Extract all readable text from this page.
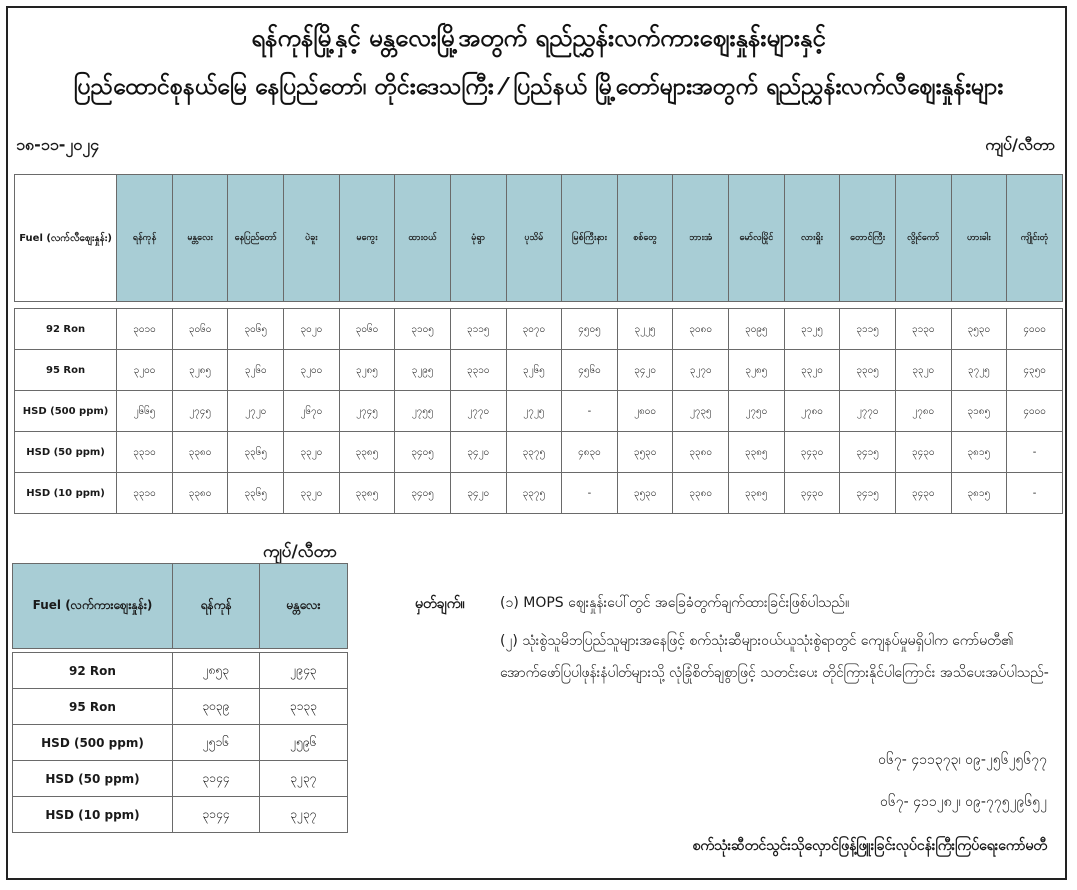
ရန်ကုန်မြို့နှင့် မန္တလေးမြို့အတွက် ရည်ညွှန်းလက်ကားဈေးနှုန်းများနှင့်
ပြည်ထောင်စုနယ်မြေ နေပြည်တော်၊ တိုင်းဒေသကြီး ⁄ ပြည်နယ် မြို့တော်များအတွက် ရည်ညွှန်းလက်လီဈေးနှုန်းများ
၁၈-၁၁-၂၀၂၄	ကျပ်/လီတာ
Fuel (လက်လီဈေးနှုန်း)	ရန်ကုန်	မန္တလေး	နေပြည်တော်	ပဲခူး	မကွေး	ထားဝယ်	မုံရွာ	ပုသိမ်	မြစ်ကြီးနား	စစ်တွေ	ဘားအံ	မော်လမြိုင်	လားရှိုး	တောင်ကြီး	လွိုင်ကော်	ဟားခါး	ကျိုင်းတုံ

92 Ron	၃၀၁၀	၃၀၆၀	၃၀၆၅	၃၀၂၀	၃၀၆၀	၃၁၀၅	၃၁၁၅	၃၀၇၀	၄၅၀၅	၃၂၂၅	၃၀၈၀	၃၀၉၅	၃၁၂၅	၃၁၁၅	၃၁၃၀	၃၅၃၀	၄၀၀၀
95 Ron	၃၂၀၀	၃၂၈၅	၃၂၆၀	၃၂၀၀	၃၂၈၅	၃၂၉၅	၃၃၁၀	၃၂၆၅	၄၅၆၀	၃၄၂၀	၃၂၇၀	၃၂၈၅	၃၃၂၀	၃၃၀၅	၃၃၂၀	၃၇၂၅	၄၃၅၀
HSD (500 ppm)	၂၆၆၅	၂၇၄၅	၂၇၂၀	၂၆၇၀	၂၇၄၅	၂၇၅၅	၂၇၇၀	၂၇၂၅	-	၂၈၀၀	၂၇၃၅	၂၇၅၀	၂၇၈၀	၂၇၇၀	၂၇၈၀	၃၁၈၅	၄၀၀၀
HSD (50 ppm)	၃၃၁၀	၃၃၈၀	၃၃၆၅	၃၃၂၀	၃၃၈၅	၃၄၀၅	၃၄၂၀	၃၃၇၅	၄၈၃၀	၃၅၃၀	၃၃၈၀	၃၃၈၅	၃၄၃၀	၃၄၁၅	၃၄၃၀	၃၈၁၅	-
HSD (10 ppm)	၃၃၁၀	၃၃၈၀	၃၃၆၅	၃၃၂၀	၃၃၈၅	၃၄၀၅	၃၄၂၀	၃၃၇၅	-	၃၅၃၀	၃၃၈၀	၃၃၈၅	၃၄၃၀	၃၄၁၅	၃၄၃၀	၃၈၁၅	-
ကျပ်/လီတာ
Fuel (လက်ကားဈေးနှုန်း)	ရန်ကုန်	မန္တလေး

92 Ron	၂၈၅၃	၂၉၄၃
95 Ron	၃၀၃၉	၃၁၃၃
HSD (500 ppm)	၂၅၁၆	၂၅၉၆
HSD (50 ppm)	၃၁၄၄	၃၂၃၇
HSD (10 ppm)	၃၁၄၄	၃၂၃၇
မှတ်ချက်။	(၁) MOPS ဈေးနှုန်းပေါ်တွင် အခြေခံတွက်ချက်ထားခြင်းဖြစ်ပါသည်။
(၂) သုံးစွဲသူမိဘပြည်သူများအနေဖြင့် စက်သုံးဆီများဝယ်ယူသုံးစွဲရာတွင် ကျေနပ်မှုမရှိပါက ကော်မတီ၏ အောက်ဖော်ပြပါဖုန်းနံပါတ်များသို့ လုံခြုံစိတ်ချစွာဖြင့် သတင်းပေး တိုင်ကြားနိုင်ပါကြောင်း အသိပေးအပ်ပါသည်-
၀၆၇- ၄၁၁၃၇၃၊ ၀၉-၂၅၆၂၅၆၇၇
၀၆၇- ၄၁၁၂၈၂၊ ၀၉-၇၇၅၂၉၆၅၂
စက်သုံးဆီတင်သွင်းသိုလှောင်ဖြန့်ဖြူးခြင်းလုပ်ငန်းကြီးကြပ်ရေးကော်မတီ
